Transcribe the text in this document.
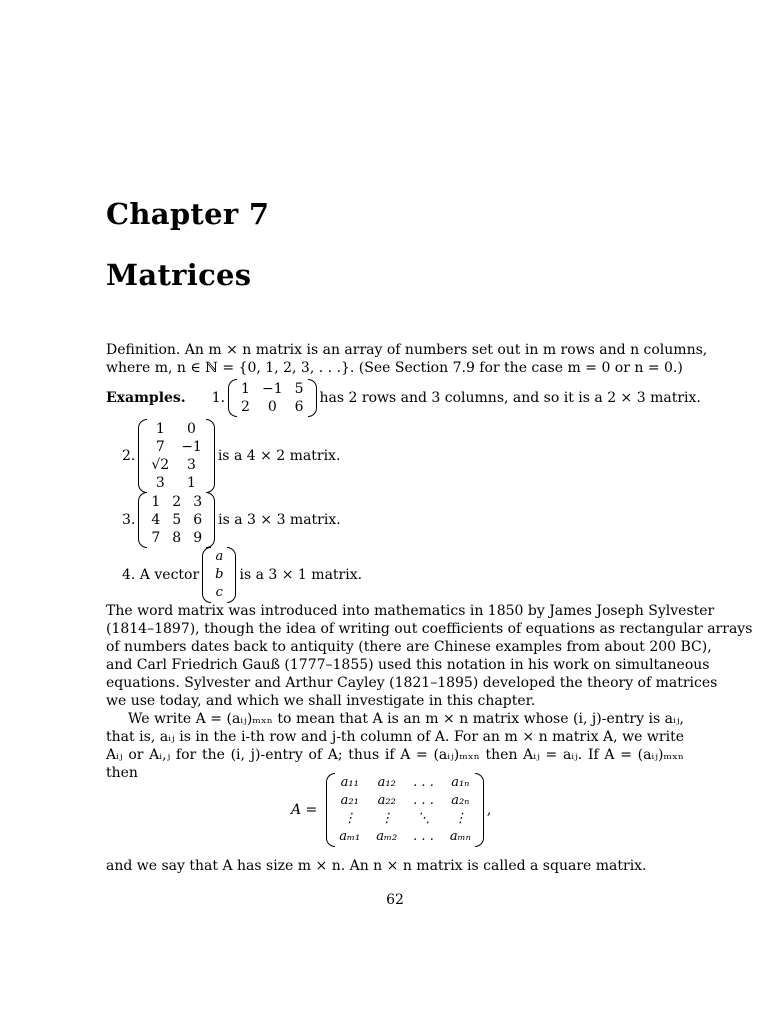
Chapter 7
Matrices
Definition. An m × n matrix is an array of numbers set out in m rows and n columns,
where m, n ∈ ℕ = {0, 1, 2, 3, . . .}. (See Section 7.9 for the case m = 0 or n = 0.)
Examples. 1.
1 −1 5
2	0	6
has 2 rows and 3 columns, and so it is a 2 × 3 matrix.
2.
1	0
7	−1
√2	3
3	1
is a 4 × 2 matrix.
3.
1 2 3
4 5 6
7 8 9
is a 3 × 3 matrix.
4. A vector
a
b
c
is a 3 × 1 matrix.
The word matrix was introduced into mathematics in 1850 by James Joseph Sylvester
(1814–1897), though the idea of writing out coefficients of equations as rectangular arrays
of numbers dates back to antiquity (there are Chinese examples from about 200 BC),
and Carl Friedrich Gauß (1777–1855) used this notation in his work on simultaneous
equations. Sylvester and Arthur Cayley (1821–1895) developed the theory of matrices
we use today, and which we shall investigate in this chapter.
We write A = (aᵢⱼ)ₘₓₙ to mean that A is an m × n matrix whose (i, j)-entry is aᵢⱼ,
that is, aᵢⱼ is in the i-th row and j-th column of A. For an m × n matrix A, we write
Aᵢⱼ or Aᵢ,ⱼ for the (i, j)-entry of A; thus if A = (aᵢⱼ)ₘₓₙ then Aᵢⱼ = aᵢⱼ. If A = (aᵢⱼ)ₘₓₙ
then
A =
a₁₁ a₁₂ . . . a₁ₙ
a₂₁ a₂₂ . . . a₂ₙ
⋮	⋮	⋱	⋮
aₘ₁ aₘ₂ . . . aₘₙ
,
and we say that A has size m × n. An n × n matrix is called a square matrix.
62
